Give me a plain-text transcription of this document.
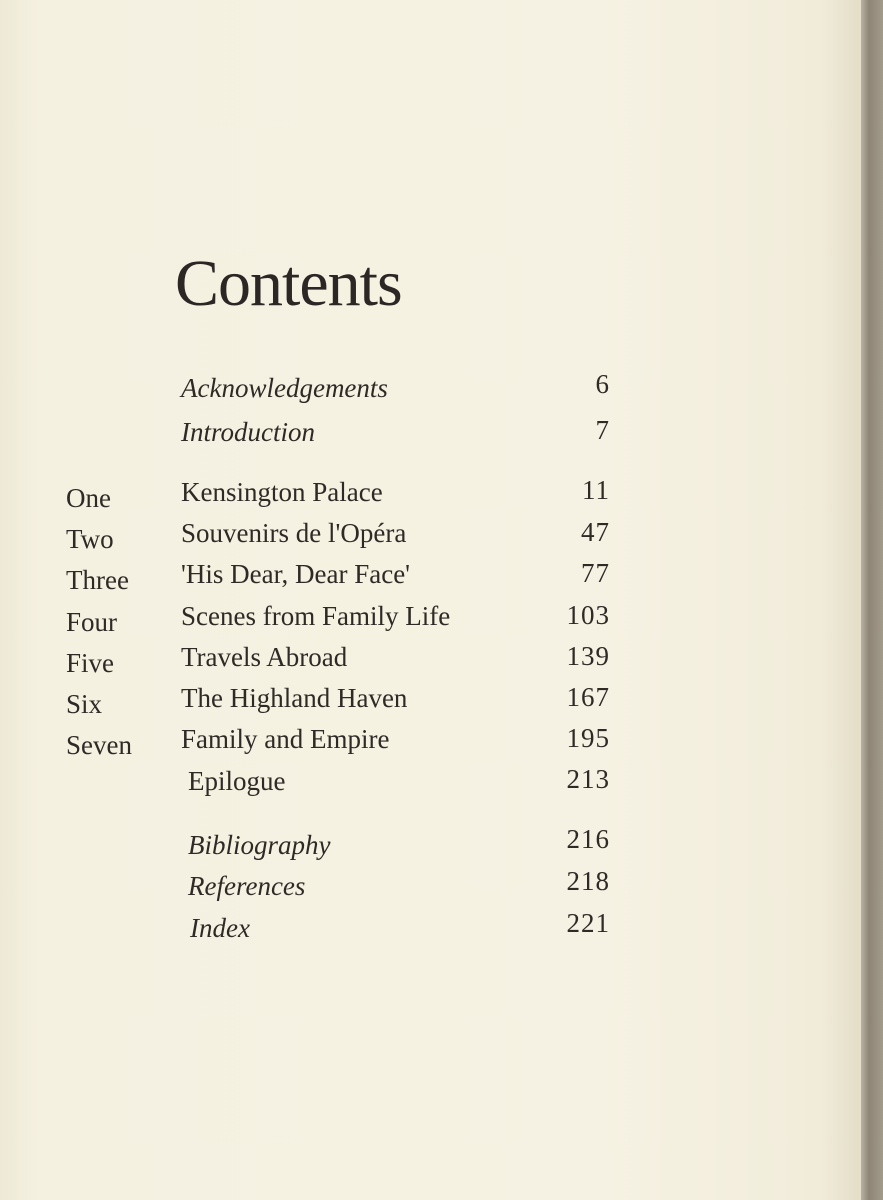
Contents
Acknowledgements	6
Introduction	7
One	Kensington Palace	11
Two	Souvenirs de l'Opéra	47
Three	'His Dear, Dear Face'	77
Four	Scenes from Family Life	103
Five	Travels Abroad	139
Six	The Highland Haven	167
Seven	Family and Empire	195
Epilogue	213
Bibliography	216
References	218
Index	221
